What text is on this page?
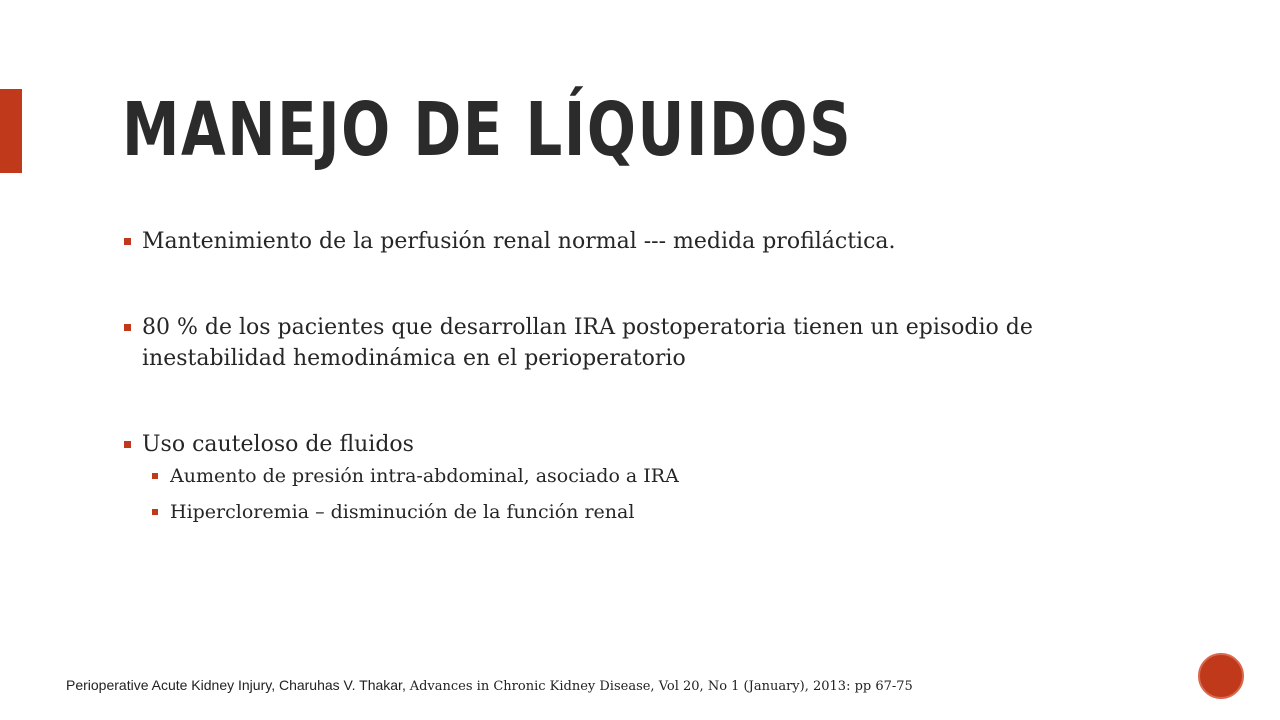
MANEJO DE LÍQUIDOS
Mantenimiento de la perfusión renal normal --- medida profiláctica.
80 % de los pacientes que desarrollan IRA postoperatoria tienen un episodio de inestabilidad hemodinámica en el perioperatorio
Uso cauteloso de fluidos
Aumento de presión intra-abdominal, asociado a IRA
Hipercloremia – disminución de la función renal
Perioperative Acute Kidney Injury, Charuhas V. Thakar, Advances in Chronic Kidney Disease, Vol 20, No 1 (January), 2013: pp 67-75
